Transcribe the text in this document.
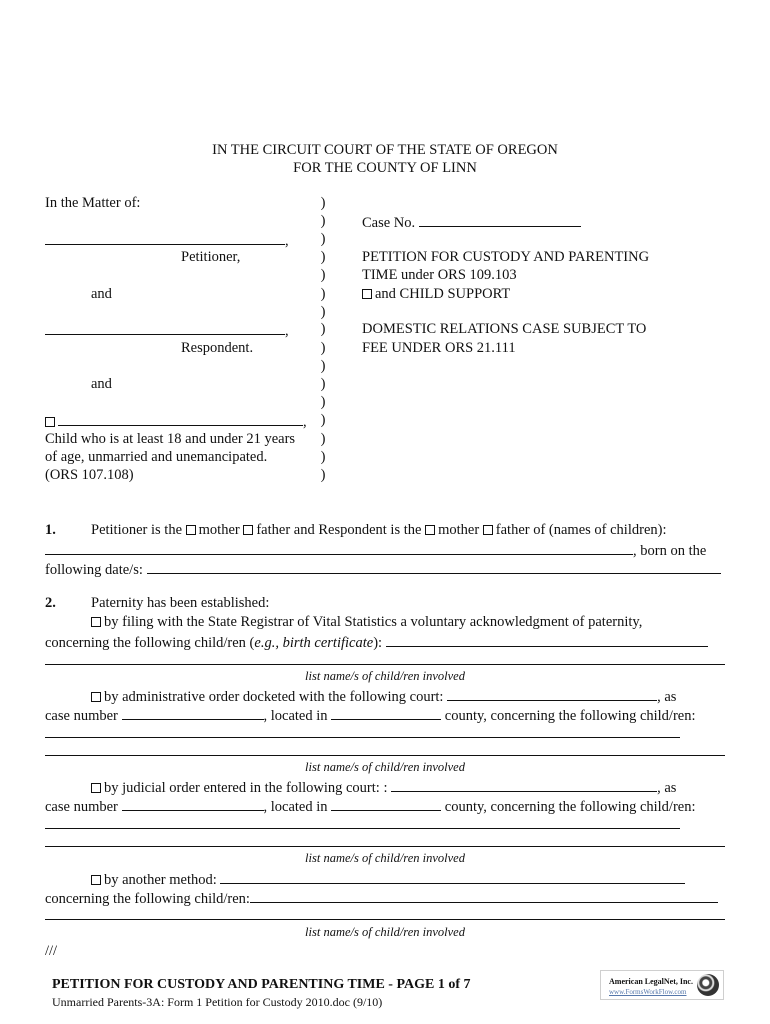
IN THE CIRCUIT COURT OF THE STATE OF OREGON
FOR THE COUNTY OF LINN
In the Matter of:
,
Petitioner,
and
,
Respondent.
and
,
Child who is at least 18 and under 21 years
of age, unmarried and unemancipated.
(ORS 107.108)
)
)
)
)
)
)
)
)
)
)
)
)
)
)
)
)
Case No.
PETITION FOR CUSTODY AND PARENTING
TIME under ORS 109.103
and CHILD SUPPORT
DOMESTIC RELATIONS CASE SUBJECT TO
FEE UNDER ORS 21.111
1. Petitioner is the mother father and Respondent is the mother father of (names of children):
, born on the
following date/s:
2. Paternity has been established:
by filing with the State Registrar of Vital Statistics a voluntary acknowledgment of paternity,
concerning the following child/ren (e.g., birth certificate):
list name/s of child/ren involved
by administrative order docketed with the following court:	, as
case number	, located in	county, concerning the following child/ren:
list name/s of child/ren involved
by judicial order entered in the following court: :	, as
case number	, located in	county, concerning the following child/ren:
list name/s of child/ren involved
by another method:
concerning the following child/ren:
list name/s of child/ren involved
///
PETITION FOR CUSTODY AND PARENTING TIME - PAGE 1 of 7
Unmarried Parents-3A: Form 1 Petition for Custody 2010.doc (9/10)
American LegalNet, Inc.
www.FormsWorkFlow.com
